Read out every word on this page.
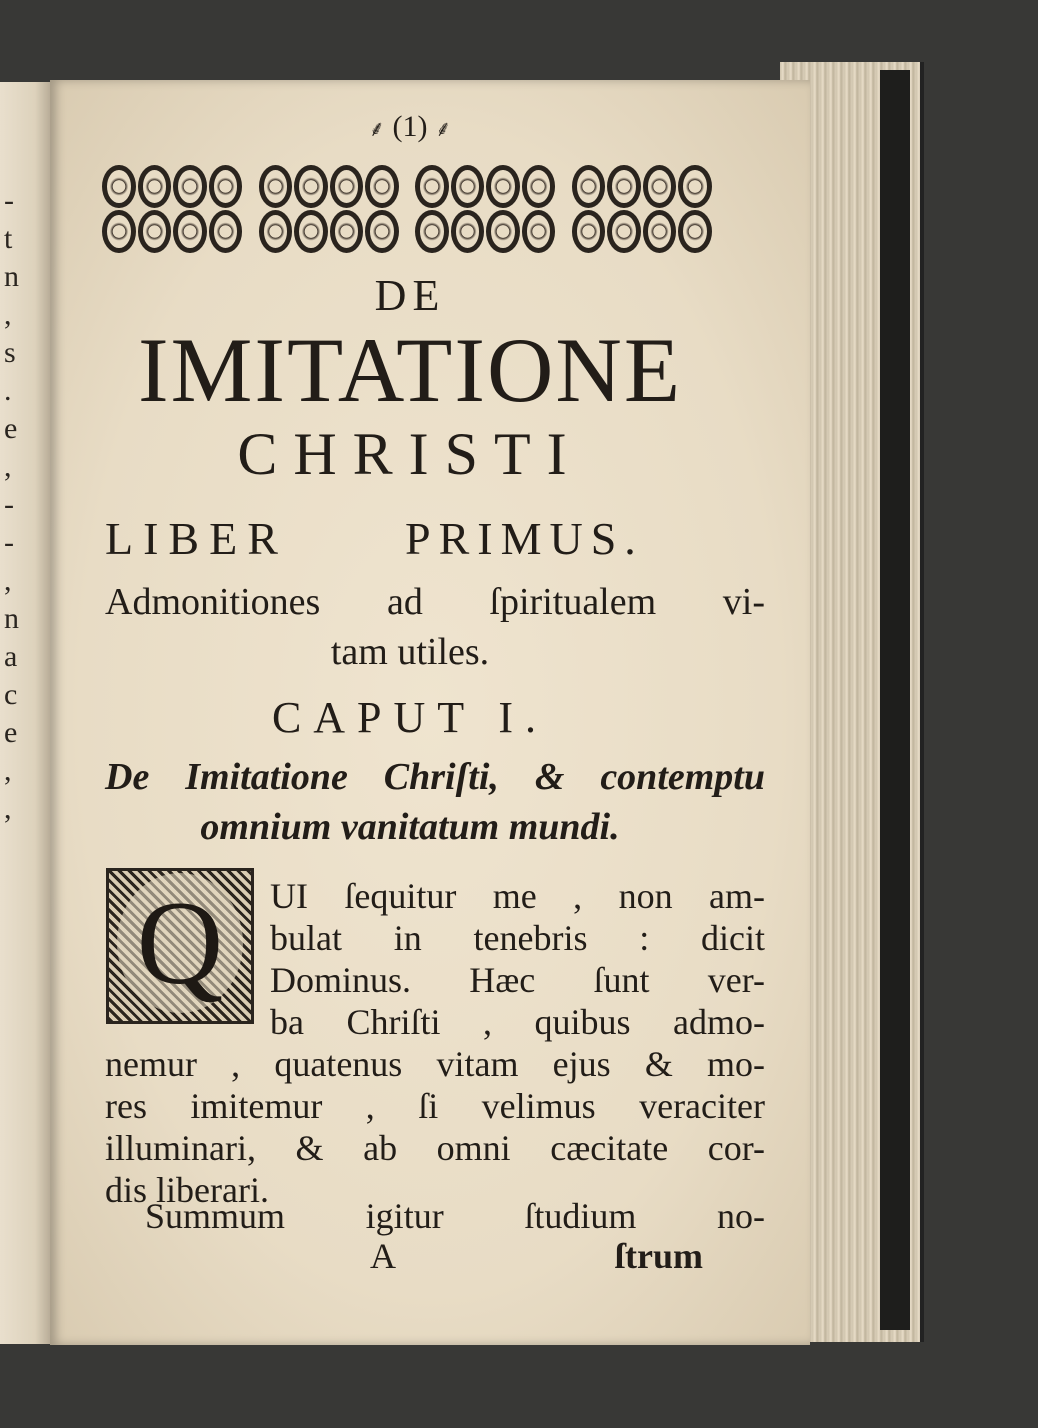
-
t
n
,
s
.
e
,
-
-
,
n
a
c
e
,
,
⸙ (1) ⸙
DE
IMITATIONE
CHRISTI
LIBER	PRIMUS.
Admonitiones ad ſpiritualem vi-
tam utiles.
CAPUT I.
De Imitatione Chriſti, & contemptu
omnium vanitatum mundi.
Q	UI ſequitur me , non am-
bulat in tenebris : dicit
Dominus. Hæc ſunt ver-
ba Chriſti , quibus admo-
nemur , quatenus vitam ejus & mo-
res imitemur , ſi velimus veraciter
illuminari, & ab omni cæcitate cor-
dis liberari.
Summum igitur ſtudium no-
A	ſtrum
